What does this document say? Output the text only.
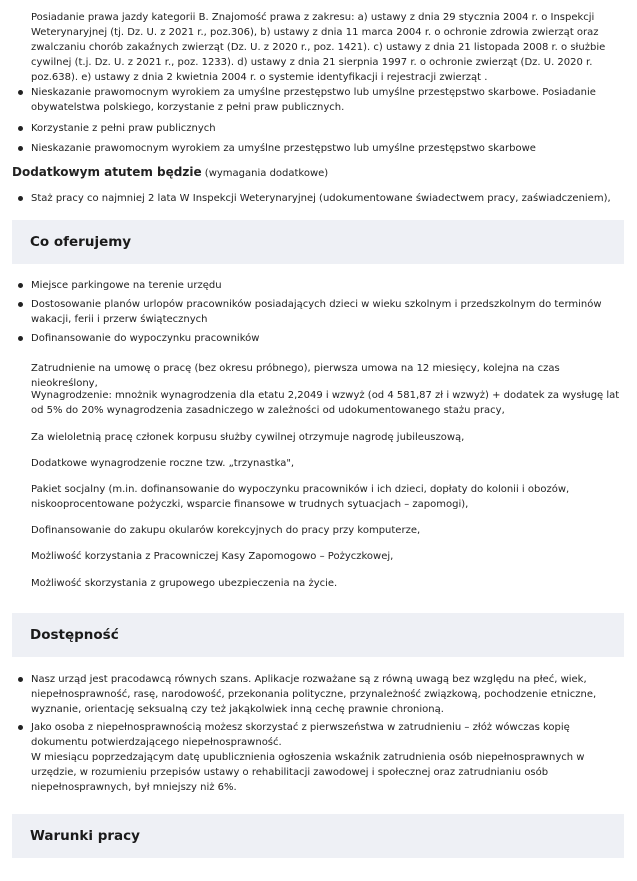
Posiadanie prawa jazdy kategorii B. Znajomość prawa z zakresu: a) ustawy z dnia 29 stycznia 2004 r. o Inspekcji Weterynaryjnej (tj. Dz. U. z 2021 r., poz.306), b) ustawy z dnia 11 marca 2004 r. o ochronie zdrowia zwierząt oraz zwalczaniu chorób zakaźnych zwierząt (Dz. U. z 2020 r., poz. 1421). c) ustawy z dnia 21 listopada 2008 r. o służbie cywilnej (t.j. Dz. U. z 2021 r., poz. 1233). d) ustawy z dnia 21 sierpnia 1997 r. o ochronie zwierząt (Dz. U. 2020 r. poz.638). e) ustawy z dnia 2 kwietnia 2004 r. o systemie identyfikacji i rejestracji zwierząt .

Nieskazanie prawomocnym wyrokiem za umyślne przestępstwo lub umyślne przestępstwo skarbowe. Posiadanie obywatelstwa polskiego, korzystanie z pełni praw publicznych.
Korzystanie z pełni praw publicznych
Nieskazanie prawomocnym wyrokiem za umyślne przestępstwo lub umyślne przestępstwo skarbowe

Dodatkowym atutem będzie (wymagania dodatkowe)

Staż pracy co najmniej 2 lata W Inspekcji Weterynaryjnej (udokumentowane świadectwem pracy, zaświadczeniem),
Co oferujemy
Miejsce parkingowe na terenie urzędu
Dostosowanie planów urlopów pracowników posiadających dzieci w wieku szkolnym i przedszkolnym do terminów wakacji, ferii i przerw świątecznych
Dofinansowanie do wypoczynku pracowników

Zatrudnienie na umowę o pracę (bez okresu próbnego), pierwsza umowa na 12 miesięcy, kolejna na czas nieokreślony,

Wynagrodzenie: mnożnik wynagrodzenia dla etatu 2,2049 i wzwyż (od 4 581,87 zł i wzwyż) + dodatek za wysługę lat od 5% do 20% wynagrodzenia zasadniczego w zależności od udokumentowanego stażu pracy,

Za wieloletnią pracę członek korpusu służby cywilnej otrzymuje nagrodę jubileuszową,

Dodatkowe wynagrodzenie roczne tzw. „trzynastka",

Pakiet socjalny (m.in. dofinansowanie do wypoczynku pracowników i ich dzieci, dopłaty do kolonii i obozów, niskooprocentowane pożyczki, wsparcie finansowe w trudnych sytuacjach – zapomogi),

Dofinansowanie do zakupu okularów korekcyjnych do pracy przy komputerze,

Możliwość korzystania z Pracowniczej Kasy Zapomogowo – Pożyczkowej,

Możliwość skorzystania z grupowego ubezpieczenia na życie.

Dostępność
Nasz urząd jest pracodawcą równych szans. Aplikacje rozważane są z równą uwagą bez względu na płeć, wiek, niepełnosprawność, rasę, narodowość, przekonania polityczne, przynależność związkową, pochodzenie etniczne, wyznanie, orientację seksualną czy też jakąkolwiek inną cechę prawnie chronioną.
Jako osoba z niepełnosprawnością możesz skorzystać z pierwszeństwa w zatrudnieniu – złóż wówczas kopię dokumentu potwierdzającego niepełnosprawność.
W miesiącu poprzedzającym datę upublicznienia ogłoszenia wskaźnik zatrudnienia osób niepełnosprawnych w urzędzie, w rozumieniu przepisów ustawy o rehabilitacji zawodowej i społecznej oraz zatrudnianiu osób niepełnosprawnych, był mniejszy niż 6%.
Warunki pracy
